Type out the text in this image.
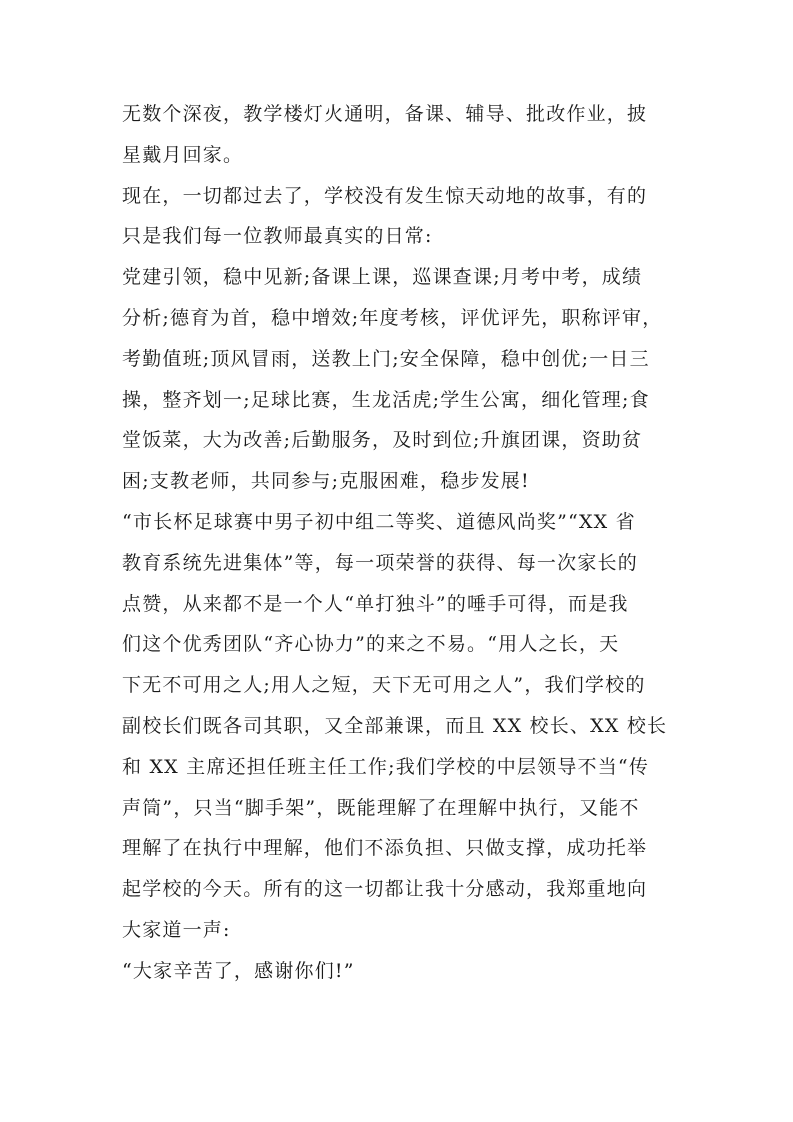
无数个深夜，教学楼灯火通明，备课、辅导、批改作业，披
星戴月回家。
现在，一切都过去了，学校没有发生惊天动地的故事，有的
只是我们每一位教师最真实的日常:
党建引领，稳中见新;备课上课，巡课查课;月考中考，成绩
分析;德育为首，稳中增效;年度考核，评优评先，职称评审，
考勤值班;顶风冒雨，送教上门;安全保障，稳中创优;一日三
操，整齐划一;足球比赛，生龙活虎;学生公寓，细化管理;食
堂饭菜，大为改善;后勤服务，及时到位;升旗团课，资助贫
困;支教老师，共同参与;克服困难，稳步发展!
“市长杯足球赛中男子初中组二等奖、道德风尚奖”“XX 省
教育系统先进集体”等，每一项荣誉的获得、每一次家长的
点赞，从来都不是一个人“单打独斗”的唾手可得，而是我
们这个优秀团队“齐心协力”的来之不易。“用人之长，天
下无不可用之人;用人之短，天下无可用之人”，我们学校的
副校长们既各司其职，又全部兼课，而且 XX 校长、XX 校长
和 XX 主席还担任班主任工作;我们学校的中层领导不当“传
声筒”，只当“脚手架”，既能理解了在理解中执行，又能不
理解了在执行中理解，他们不添负担、只做支撑，成功托举
起学校的今天。所有的这一切都让我十分感动，我郑重地向
大家道一声:
“大家辛苦了，感谢你们!”
